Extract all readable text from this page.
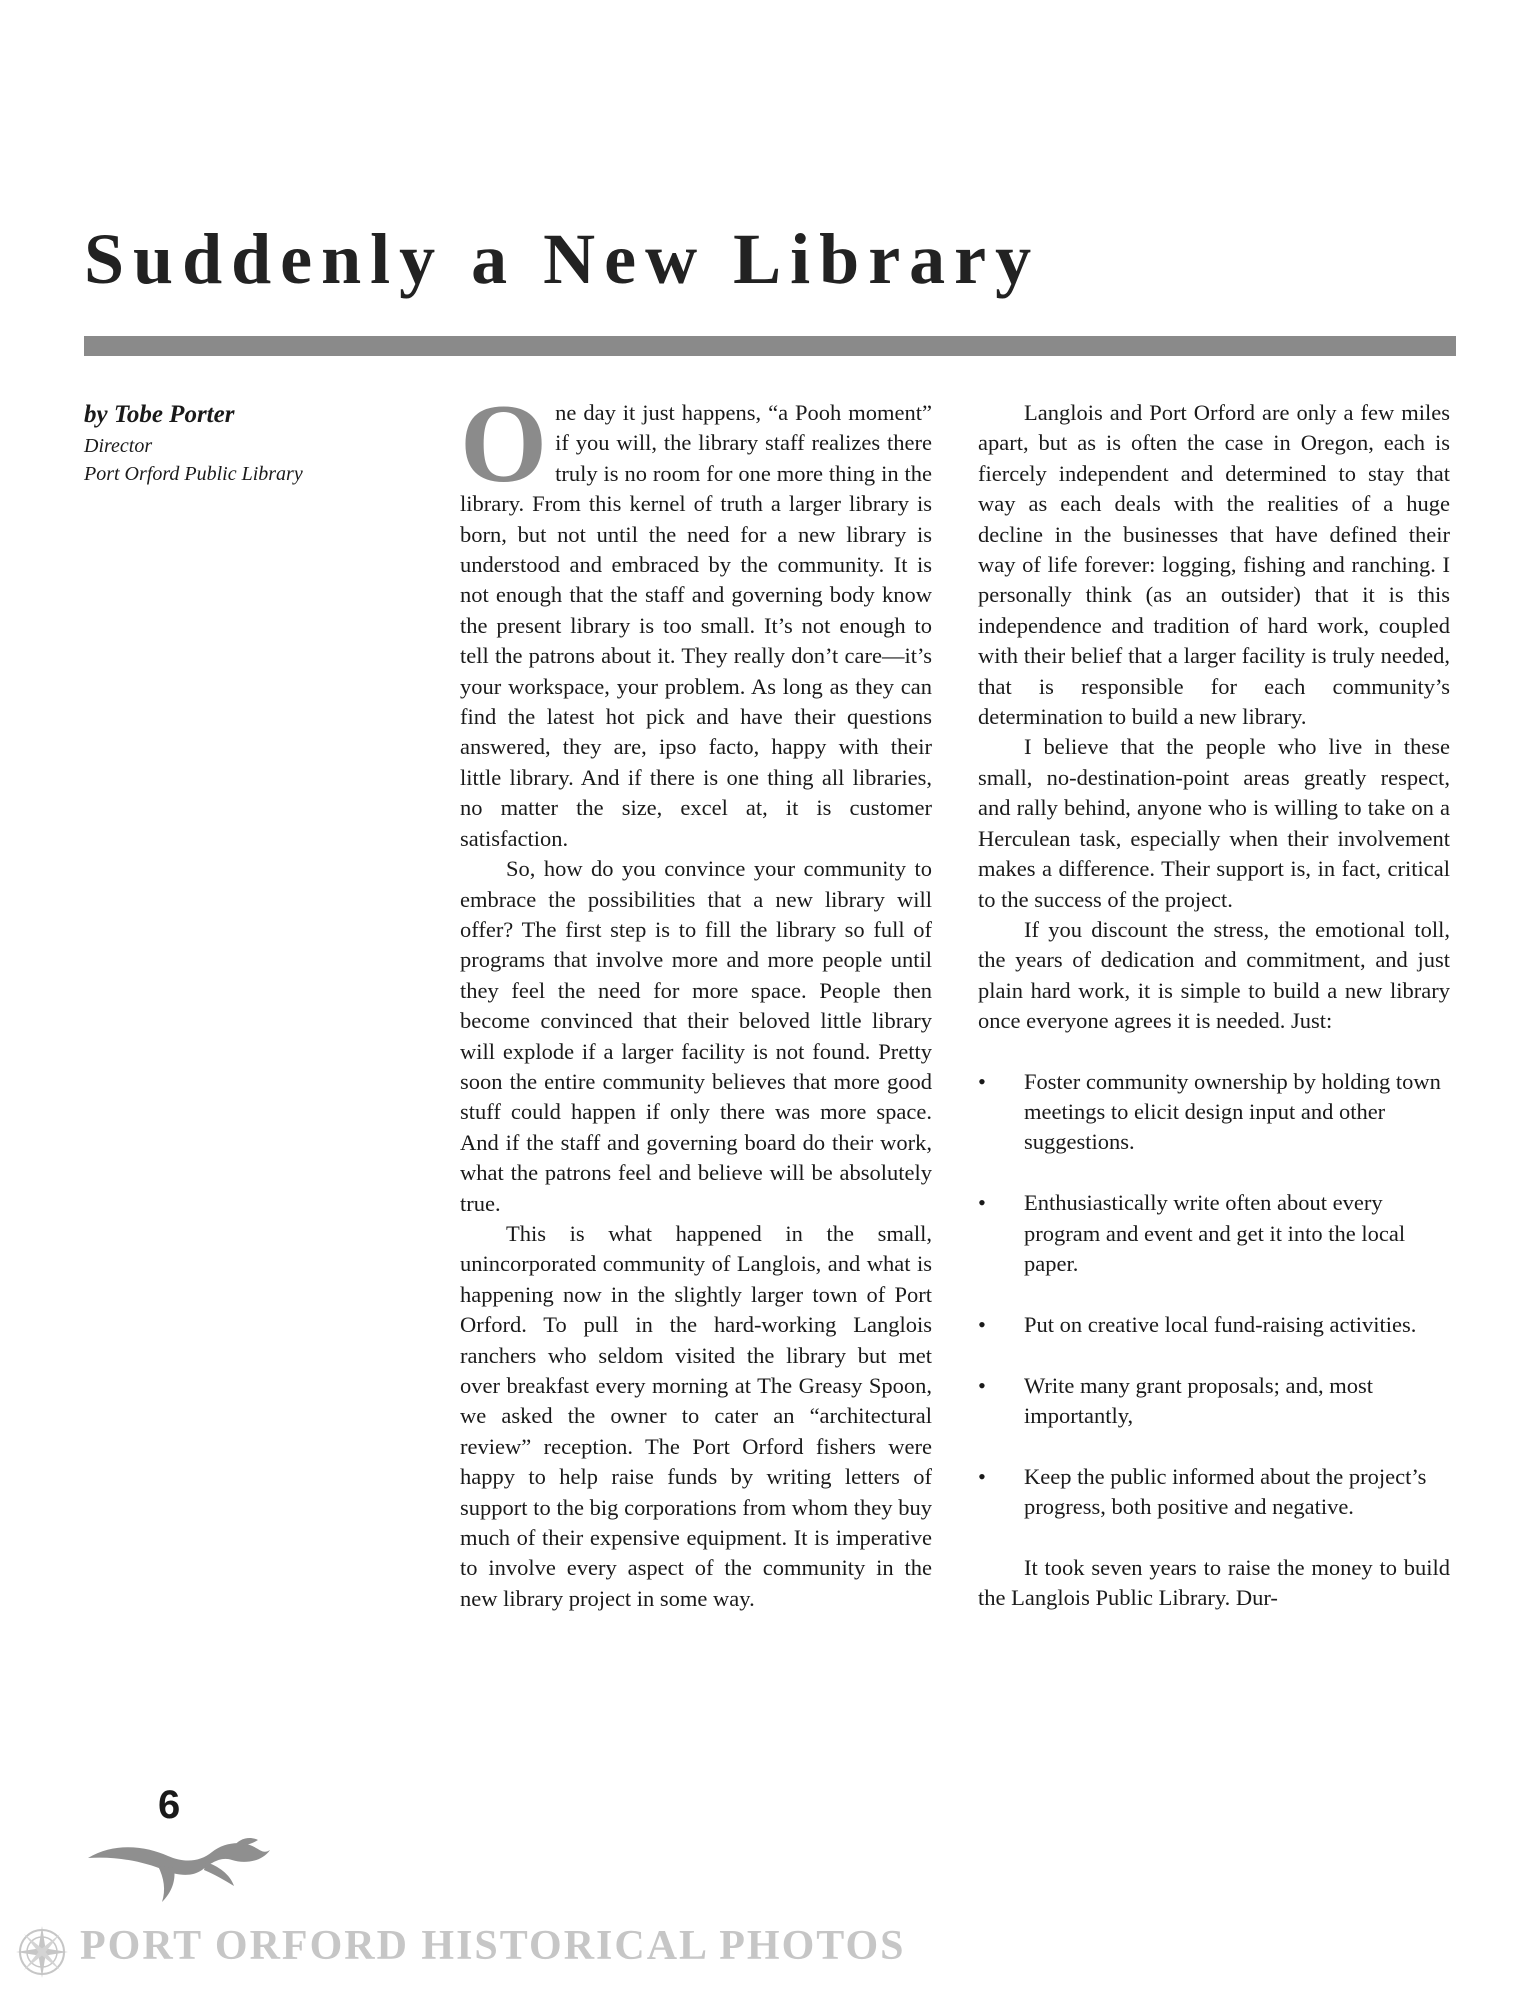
Suddenly a New Library
by Tobe Porter
Director
Port Orford Public Library	One day it just happens, “a Pooh moment” if you will, the library staff realizes there truly is no room for one more thing in the library. From this kernel of truth a larger library is born, but not until the need for a new library is understood and embraced by the community. It is not enough that the staff and governing body know the present library is too small. It’s not enough to tell the patrons about it. They really don’t care—it’s your workspace, your problem. As long as they can find the latest hot pick and have their questions answered, they are, ipso facto, happy with their little library. And if there is one thing all libraries, no matter the size, excel at, it is customer satisfaction.

So, how do you convince your community to embrace the possibilities that a new library will offer? The first step is to fill the library so full of programs that involve more and more people until they feel the need for more space. People then become convinced that their beloved little library will explode if a larger facility is not found. Pretty soon the entire community believes that more good stuff could happen if only there was more space. And if the staff and governing board do their work, what the patrons feel and believe will be absolutely true.

This is what happened in the small, unincorporated community of Langlois, and what is happening now in the slightly larger town of Port Orford. To pull in the hard-working Langlois ranchers who seldom visited the library but met over breakfast every morning at The Greasy Spoon, we asked the owner to cater an “architectural review” reception. The Port Orford fishers were happy to help raise funds by writing letters of support to the big corporations from whom they buy much of their expensive equipment. It is imperative to involve every aspect of the community in the new library project in some way.

Langlois and Port Orford are only a few miles apart, but as is often the case in Oregon, each is fiercely independent and determined to stay that way as each deals with the realities of a huge decline in the businesses that have defined their way of life forever: logging, fishing and ranching. I personally think (as an outsider) that it is this independence and tradition of hard work, coupled with their belief that a larger facility is truly needed, that is responsible for each community’s determination to build a new library.

I believe that the people who live in these small, no-destination-point areas greatly respect, and rally behind, anyone who is willing to take on a Herculean task, especially when their involvement makes a difference. Their support is, in fact, critical to the success of the project.

If you discount the stress, the emotional toll, the years of dedication and commitment, and just plain hard work, it is simple to build a new library once everyone agrees it is needed. Just:

• Foster community ownership by holding town meetings to elicit design input and other suggestions.
• Enthusiastically write often about every program and event and get it into the local paper.
• Put on creative local fund-raising activities.
• Write many grant proposals; and, most importantly,
• Keep the public informed about the project’s progress, both positive and negative.

It took seven years to raise the money to build the Langlois Public Library. Dur-

6
PORT ORFORD HISTORICAL PHOTOS
